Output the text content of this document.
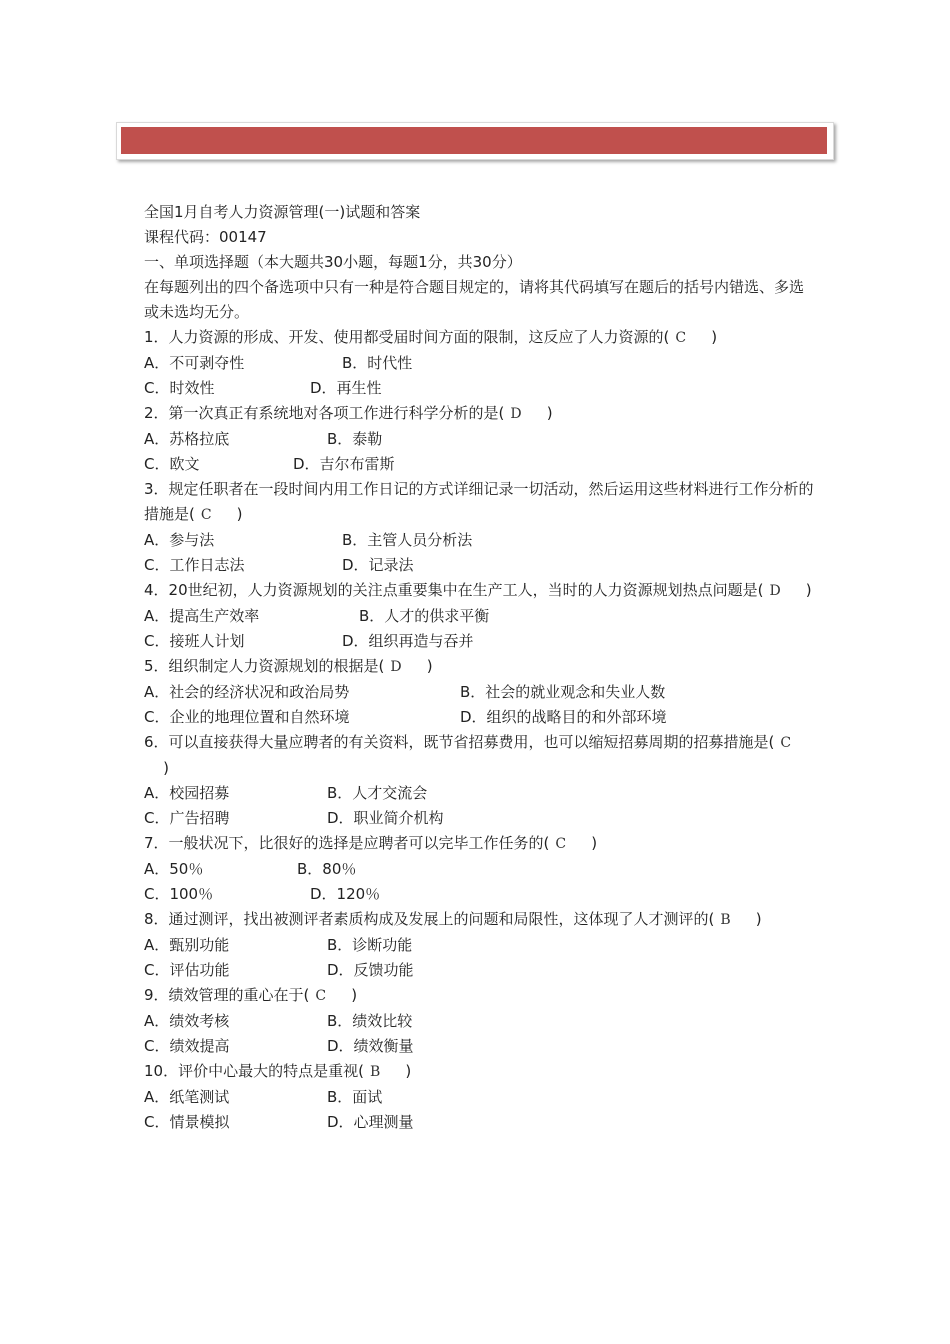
全国1月自考人力资源管理(一)试题和答案

课程代码：00147

一、单项选择题（本大题共30小题，每题1分，共30分）

在每题列出的四个备选项中只有一种是符合题目规定的，请将其代码填写在题后的括号内错选、多选或未选均无分。

1．人力资源的形成、开发、使用都受届时间方面的限制，这反应了人力资源的( C    )

A．不可剥夺性	B．时代性
C．时效性	D．再生性

2．第一次真正有系统地对各项工作进行科学分析的是( D    )

A．苏格拉底	B．泰勒
C．欧文	D．吉尔布雷斯

3．规定任职者在一段时间内用工作日记的方式详细记录一切活动，然后运用这些材料进行工作分析的措施是( C    )

A．参与法	B．主管人员分析法
C．工作日志法	D．记录法

4．20世纪初，人力资源规划的关注点重要集中在生产工人，当时的人力资源规划热点问题是( D    )

A．提高生产效率	B．人才的供求平衡
C．接班人计划	D．组织再造与吞并

5．组织制定人力资源规划的根据是( D    )

A．社会的经济状况和政治局势	B．社会的就业观念和失业人数
C．企业的地理位置和自然环境	D．组织的战略目的和外部环境

6．可以直接获得大量应聘者的有关资料，既节省招募费用，也可以缩短招募周期的招募措施是( C    )

A．校园招募	B．人才交流会
C．广告招聘	D．职业简介机构

7．一般状况下，比很好的选择是应聘者可以完毕工作任务的( C    )

A．50％	B．80％
C．100％	D．120％

8．通过测评，找出被测评者素质构成及发展上的问题和局限性，这体现了人才测评的( B    )

A．甄别功能	B．诊断功能
C．评估功能	D．反馈功能

9．绩效管理的重心在于( C    )

A．绩效考核	B．绩效比较
C．绩效提高	D．绩效衡量

10．评价中心最大的特点是重视( B    )

A．纸笔测试	B．面试
C．情景模拟	D．心理测量
